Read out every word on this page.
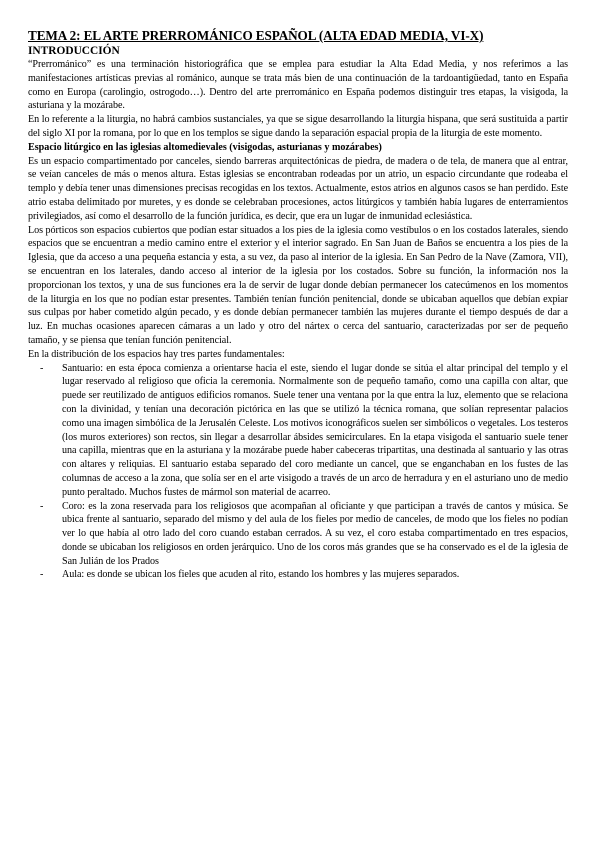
TEMA 2: EL ARTE PRERROMÁNICO ESPAÑOL (ALTA EDAD MEDIA, VI-X)
INTRODUCCIÓN

“Prerrománico” es una terminación historiográfica que se emplea para estudiar la Alta Edad Media, y nos referimos a las manifestaciones artísticas previas al románico, aunque se trata más bien de una continuación de la tardoantigüedad, tanto en España como en Europa (carolingio, ostrogodo…). Dentro del arte prerrománico en España podemos distinguir tres etapas, la visigoda, la asturiana y la mozárabe.

En lo referente a la liturgia, no habrá cambios sustanciales, ya que se sigue desarrollando la liturgia hispana, que será sustituida a partir del siglo XI por la romana, por lo que en los templos se sigue dando la separación espacial propia de la liturgia de este momento.

Espacio litúrgico en las iglesias altomedievales (visigodas, asturianas y mozárabes)

Es un espacio compartimentado por canceles, siendo barreras arquitectónicas de piedra, de madera o de tela, de manera que al entrar, se veían canceles de más o menos altura. Estas iglesias se encontraban rodeadas por un atrio, un espacio circundante que rodeaba el templo y debía tener unas dimensiones precisas recogidas en los textos. Actualmente, estos atrios en algunos casos se han perdido. Este atrio estaba delimitado por muretes, y es donde se celebraban procesiones, actos litúrgicos y también había lugares de enterramientos privilegiados, así como el desarrollo de la función jurídica, es decir, que era un lugar de inmunidad eclesiástica.

Los pórticos son espacios cubiertos que podían estar situados a los pies de la iglesia como vestíbulos o en los costados laterales, siendo espacios que se encuentran a medio camino entre el exterior y el interior sagrado. En San Juan de Baños se encuentra a los pies de la Iglesia, que da acceso a una pequeña estancia y esta, a su vez, da paso al interior de la iglesia. En San Pedro de la Nave (Zamora, VII), se encuentran en los laterales, dando acceso al interior de la iglesia por los costados. Sobre su función, la información nos la proporcionan los textos, y una de sus funciones era la de servir de lugar donde debían permanecer los catecúmenos en los momentos de la liturgia en los que no podían estar presentes. También tenían función penitencial, donde se ubicaban aquellos que debían expiar sus culpas por haber cometido algún pecado, y es donde debían permanecer también las mujeres durante el tiempo después de dar a luz. En muchas ocasiones aparecen cámaras a un lado y otro del nártex o cerca del santuario, caracterizadas por ser de pequeño tamaño, y se piensa que tenían función penitencial.

En la distribución de los espacios hay tres partes fundamentales:

- Santuario: en esta época comienza a orientarse hacia el este, siendo el lugar donde se sitúa el altar principal del templo y el lugar reservado al religioso que oficia la ceremonia. Normalmente son de pequeño tamaño, como una capilla con altar, que puede ser reutilizado de antiguos edificios romanos. Suele tener una ventana por la que entra la luz, elemento que se relaciona con la divinidad, y tenían una decoración pictórica en las que se utilizó la técnica romana, que solían representar palacios como una imagen simbólica de la Jerusalén Celeste. Los motivos iconográficos suelen ser simbólicos o vegetales. Los testeros (los muros exteriores) son rectos, sin llegar a desarrollar ábsides semicirculares. En la etapa visigoda el santuario suele tener una capilla, mientras que en la asturiana y la mozárabe puede haber cabeceras tripartitas, una destinada al santuario y las otras con altares y reliquias. El santuario estaba separado del coro mediante un cancel, que se enganchaban en los fustes de las columnas de acceso a la zona, que solía ser en el arte visigodo a través de un arco de herradura y en el asturiano uno de medio punto peraltado. Muchos fustes de mármol son material de acarreo.
- Coro: es la zona reservada para los religiosos que acompañan al oficiante y que participan a través de cantos y música. Se ubica frente al santuario, separado del mismo y del aula de los fieles por medio de canceles, de modo que los fieles no podían ver lo que había al otro lado del coro cuando estaban cerrados. A su vez, el coro estaba compartimentado en tres espacios, donde se ubicaban los religiosos en orden jerárquico. Uno de los coros más grandes que se ha conservado es el de la iglesia de San Julián de los Prados
- Aula: es donde se ubican los fieles que acuden al rito, estando los hombres y las mujeres separados.
